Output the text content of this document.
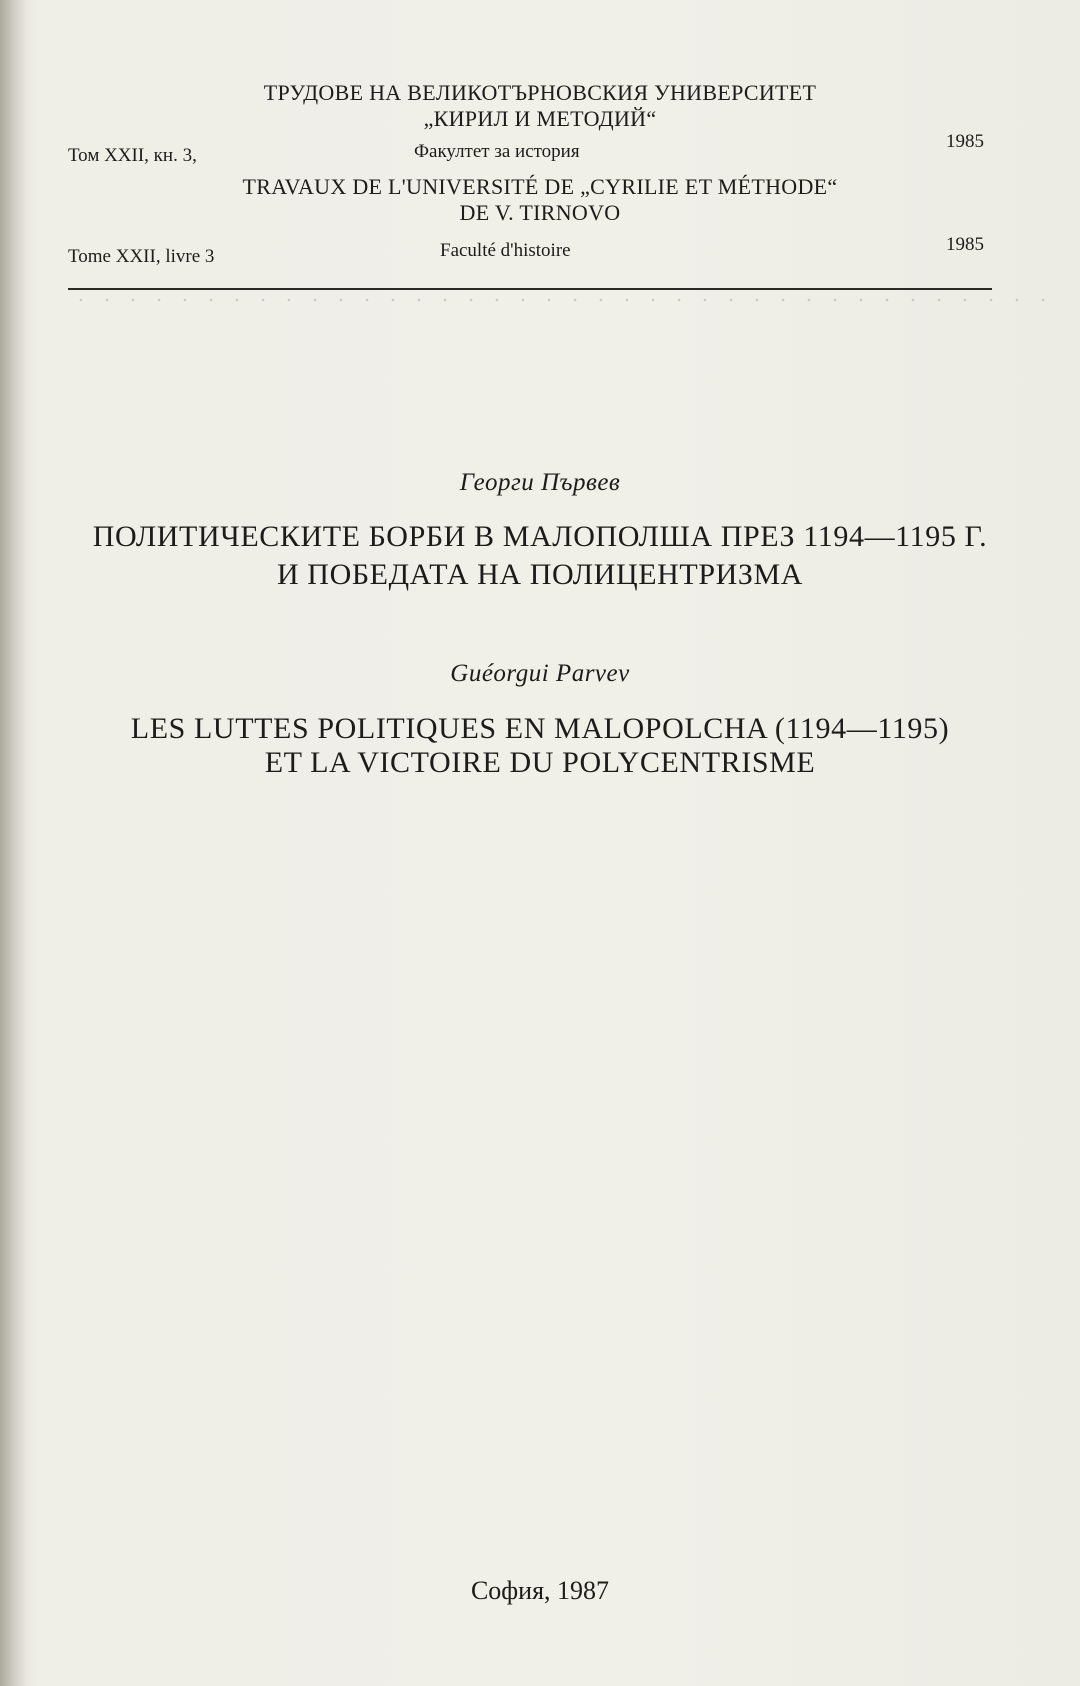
ТРУДОВЕ НА ВЕЛИКОТЪРНОВСКИЯ УНИВЕРСИТЕТ
„КИРИЛ И МЕТОДИЙ“
Том XXII, кн. 3,	Факултет за история	1985
TRAVAUX DE L'UNIVERSITÉ DE „CYRILIE ET MÉTHODE“
DE V. TIRNOVO
Tome XXII, livre 3	Faculté d'histoire	1985
Георги Първев
ПОЛИТИЧЕСКИТЕ БОРБИ В МАЛОПОЛША ПРЕЗ 1194—1195 Г.
И ПОБЕДАТА НА ПОЛИЦЕНТРИЗМА
Guéorgui Parvev
LES LUTTES POLITIQUES EN MALOPOLCHA (1194—1195)
ET LA VICTOIRE DU POLYCENTRISME
София, 1987
